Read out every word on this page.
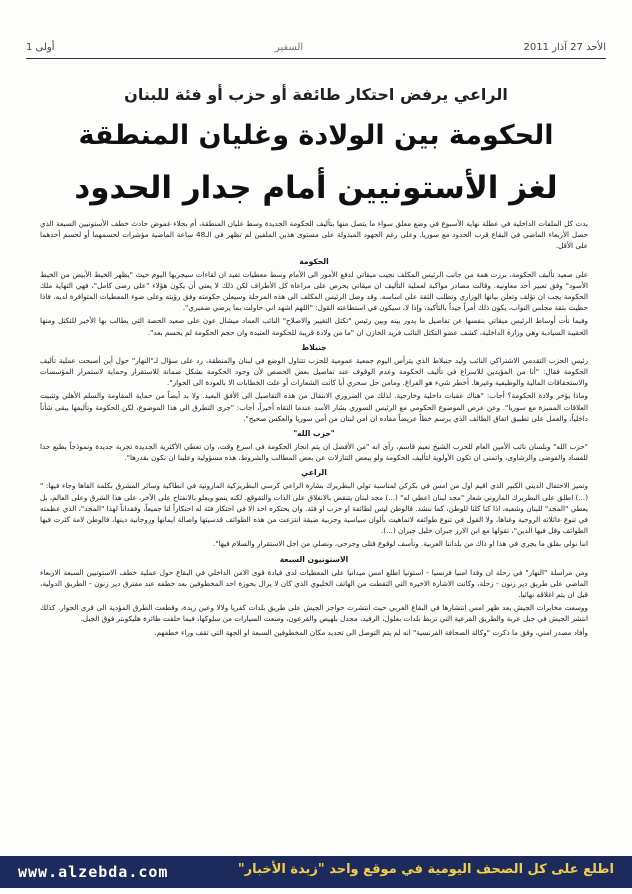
الأحد 27 آذار 2011
السفير
أولى 1
الراعي يرفض احتكار طائفة أو حزب أو فئة للبنان
الحكومة بين الولادة وغليان المنطقة
لغز الأستونيين أمام جدار الحدود

بدت كل الملفات الداخلية في عطلة نهاية الأسبوع في وضع معلق سواء ما يتصل منها بتأليف الحكومة الجديدة وسط غليان المنطقة، أم بجلاء غموض حادث خطف الأستونيين السبعة الذي حصل الأربعاء الماضي في البقاع قرب الحدود مع سوريا. وعلى رغم الجهود المبذولة على مستوى هذين الملفين لم تظهر في الـ48 ساعة الماضية مؤشرات لحسمهما أو لحسم أحدهما على الأقل.

الحكومة

على صعيد تأليف الحكومة، برزت همة من جانب الرئيس المكلف نجيب ميقاتي لدفع الأمور الى الأمام وسط معطيات تفيد ان لقاءات سيجريها اليوم حيث "يظهر الخيط الأبيض من الخيط الأسود" وفق تعبير أحد معاونيه. وقالت مصادر مواكبة لعملية التأليف ان ميقاتي يحرص على مراعاة كل الأطراف لكن ذلك لا يعني أن يكون هؤلاء "على رضى كامل"، فهي التهاية ملك الحكومة يجب ان تؤلف وتعلن بيانها الوزاري وتطلب الثقة على اساسه. وقد وصل الرئيس المكلف الى هذه المرحلة وسيعلن حكومته وفق رؤيته وعلى ضوء المعطيات المتوافرة لديه. فاذا حظيت بثقة مجلس النواب، يكون ذلك أمراً جيداً بالتأكيد، وإذا لا، سيكون في استطاعته القول: "اللهم اشهد اني حاولت بما يرضي ضميري".

وفيما نأت أوساط الرئيس ميقاتي بنفسها عن تفاصيل ما يدور بينه وبين رئيس "تكتل التغيير والاصلاح" النائب العماد ميشال عون على صعيد الحصة التي يطالب بها الأخير للتكتل ومنها الحقيبة السيادية وهي وزارة الداخلية، كشف عضو التكتل النائب فريد الخازن ان "ما من ولادة قريبة للحكومة العتيدة وان حجم الحكومة لم يحسم بعد".

جنبلاط

رئيس الحزب التقدمي الاشتراكي النائب وليد جنبلاط الذي يترأس اليوم جمعية عمومية للحزب تتناول الوضع في لبنان والمنطقة، رد على سؤال لـ"النهار" حول أين أصبحت عملية تأليف الحكومة فقال: "أنا من المؤيدين للاسراع في تأليف الحكومة وعدم الوقوف عند تفاصيل بعض الحصص لأن وجود الحكومة بشكل ضمانة للاستقرار وحماية لاستمرار المؤسسات والاستحقاقات المالية والوظيفية وغيرها. أخطر شيء هو الفراغ. ومامن حل سحري أيا كانت الشعارات أو علت الخطابات الا بالعودة الى الحوار".

وماذا يؤخر ولادة الحكومة؟ أجاب: "هناك عقبات داخلية وخارجية. لذلك من الضروري الانتقال من هذه التفاصيل الى الأفق البعيد. ولا بد أيضاً من حماية المقاومة والسلم الأهلي وتثبيت العلاقات المميزة مع سوريا". وعن عرض الموضوع الحكومي مع الرئيس السوري بشار الأسد عندما التقاه أخيراً، أجاب: "جرى التطرق الى هذا الموضوع، لكن الحكومة وتأليفها يبقى شأناً داخلياً، والعمل على تطبيق اتفاق الطائف الذي يرسم خطاً عريضاً مفاده ان امن لبنان من أمن سوريا والعكس صحيح".

"حزب الله"

"حزب الله" وبلسان نائب الأمين العام للحزب الشيخ نعيم قاسم، رأى انه "من الأفضل ان يتم انجاز الحكومة في اسرع وقت، وان تعطي الأكثرية الجديدة تجربة جديدة ونموذجاً يطبع حدا للفساد والفوضى والرشاوى، واتمنى ان تكون الأولوية لتأليف الحكومة ولو ببعض التنازلات عن بعض المطالب والشروط، هذه مسؤولية وعلينا ان نكون بقدرها".

الراعي

وتميز الاحتفال الديني الكبير الذي اقيم اول من امس في بكركي لمناسبة تولي البطريرك بشارة الراعي كرسي البطريركية المارونية في انطاكية وسائر المشرق بكلمة القاها وجاء فيها: "(...) اطلق على البطريرك الماروني شعار "مجد لبنان اعطي له" (...) مجد لبنان يتنقض بالانغلاق على الذات والتقوقع. لكنه ينمو ويعلو بالانفتاح على الآخر، على هذا الشرق وعلى العالم، بل يعطي "المجد" للبنان وشعبه، اذا كنا كلنا للوطن، كما ننشد. فالوطن ليس لطائفة او حزب او فئة. وان يحتكره احد الا في احتكار فئة له احتكاراً لنا جميعاً، وفقداناً لهذا "المجد"، الذي عظمته في تنوع عائلاته الروحية وغناها، ولا القول في تنوع طوائفه لاتماهيت بألوان سياسية وحزبية ضيقة انتزعت من هذه الطوائف قدسيتها واصالة ايمانها وروحانية دينها، فالوطن لامة كثرت فيها الطوائف وقل فيها الدين"، تقولها مع ابن الارز جبران خليل جبران (...).

اننا نولي بقلق ما يجري في هذا او ذاك من بلداننا العربية. ونأسف لوقوع قتلى وجرحى، ونصلي من اجل الاستقرار والسلام فيها".

الاستونيون السبعة

ومن مراسلة "النهار" في زحلة ان وفدا امنيا فرنسيا - استونيا اطلع امس ميدانيا على المعطيات لدى قيادة قوى الامن الداخلي في البقاع حول عملية خطف الاستونيين السبعة الاربعاء الماضي على طريق دير زنون - زحلة، وكانت الاشارة الاخيرة التي التقطت من الهاتف الخليوي الذي كان لا يزال بحوزة احد المخطوفين بعد خطفه عند مفترق دير زنون - الطريق الدولية، قبل ان يتم اغلاقه نهائيا.

ووسعت مخابرات الجيش بعد ظهر امس انتشارها في البقاع الغربي حيث انتشرت حواجز الجيش على طريق بلدات كفريا ولالا وعين زبدة، وقطعت الطرق المؤدية الى قرى الجوار. كذلك انتشر الجيش في جبل عربة والطريق الفرعية التي تربط بلدات بعلول، الرفيد، مجدل بلهيص والقرعون، ومنعت السيارات من سلوكها، فيما حلقت طائرة هليكوبتر فوق الجبل.

وأفاد مصدر امني، وفق ما ذكرت "وكالة الصحافة الفرنسية" انه لم يتم التوصل الى تحديد مكان المخطوفين السبعة او الجهة التي تقف وراء خطفهم.

اطلع على كل الصحف اليومية في موقع واحد "زبدة الأخبار"
www.alzebda.com
